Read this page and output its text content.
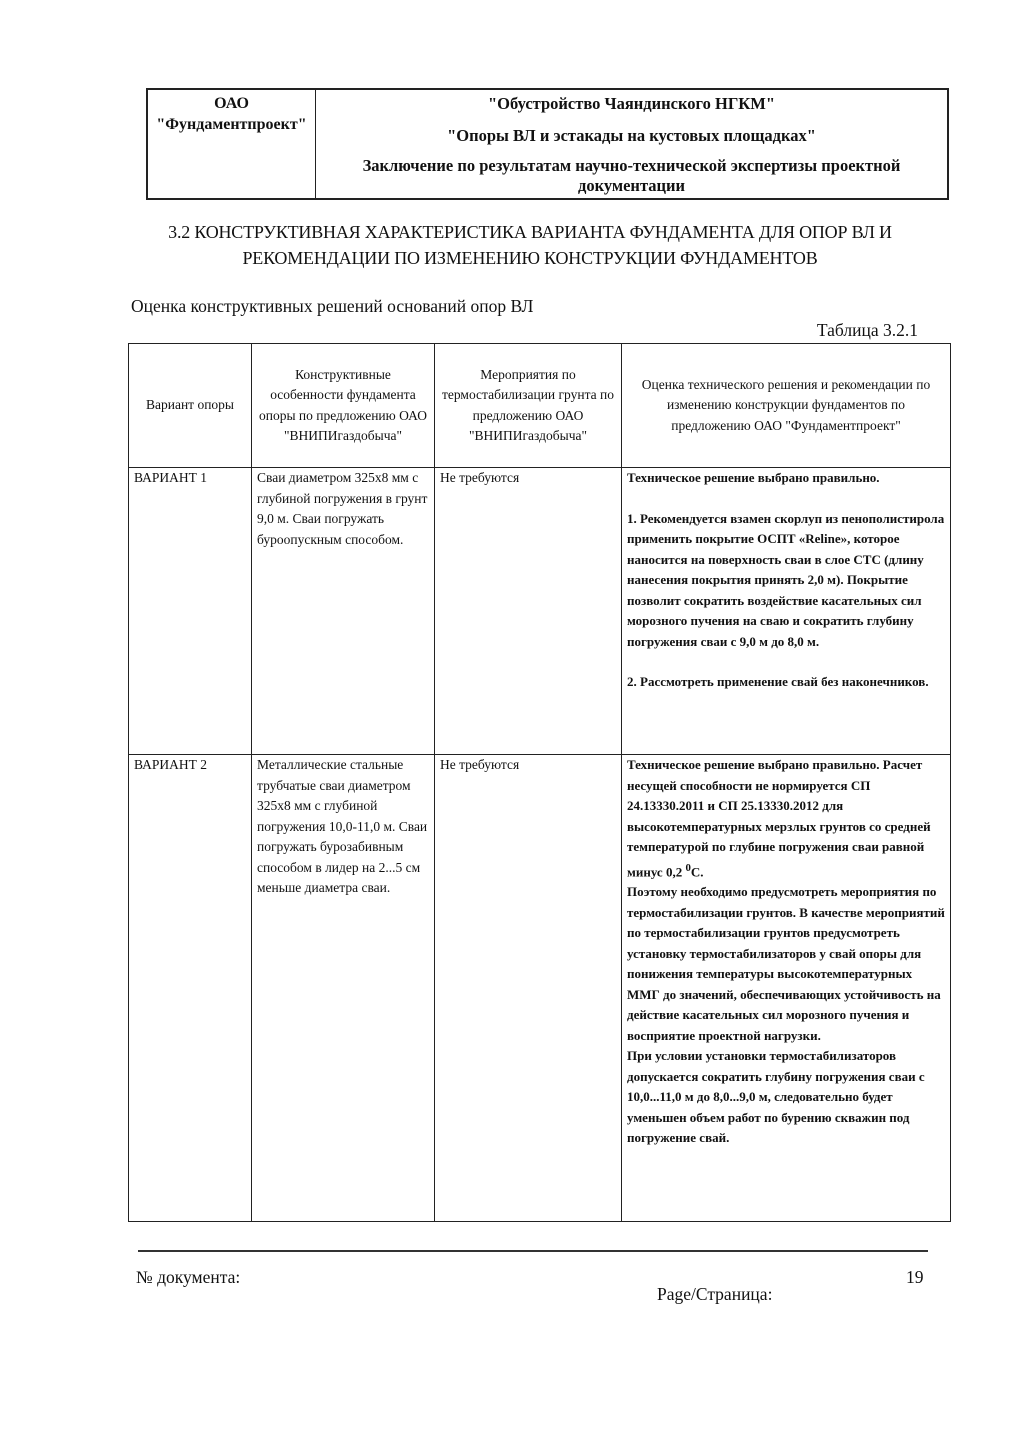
ОАО
"Фундаментпроект"
"Обустройство Чаяндинского НГКМ"
"Опоры ВЛ и эстакады на кустовых площадках"
Заключение по результатам научно-технической экспертизы проектной документации
3.2 КОНСТРУКТИВНАЯ ХАРАКТЕРИСТИКА ВАРИАНТА ФУНДАМЕНТА ДЛЯ ОПОР ВЛ И
РЕКОМЕНДАЦИИ ПО ИЗМЕНЕНИЮ КОНСТРУКЦИИ ФУНДАМЕНТОВ
Оценка конструктивных решений оснований опор ВЛ
Таблица 3.2.1
Вариант опоры	Конструктивные особенности фундамента опоры по предложению ОАО "ВНИПИгаздобыча"	Мероприятия по термостабилизации грунта по предложению ОАО "ВНИПИгаздобыча"	Оценка технического решения и рекомендации по изменению конструкции фундаментов по предложению ОАО "Фундаментпроект"
ВАРИАНТ 1	Сваи диаметром 325х8 мм с глубиной погружения в грунт 9,0 м. Сваи погружать буроопускным способом.	Не требуются	Техническое решение выбрано правильно.

1. Рекомендуется взамен скорлуп из пенополистирола применить покрытие ОСПТ «Reline», которое наносится на поверхность сваи в слое СТС (длину нанесения покрытия принять 2,0 м). Покрытие позволит сократить воздействие касательных сил морозного пучения на сваю и сократить глубину погружения сваи с 9,0 м до 8,0 м.

2. Рассмотреть применение свай без наконечников.

ВАРИАНТ 2	Металлические стальные трубчатые сваи диаметром 325х8 мм с глубиной погружения 10,0-11,0 м. Сваи погружать бурозабивным способом в лидер на 2...5 см меньше диаметра сваи.	Не требуются	Техническое решение выбрано правильно. Расчет несущей способности не нормируется СП 24.13330.2011 и СП 25.13330.2012 для высокотемпературных мерзлых грунтов со средней температурой по глубине погружения сваи равной минус 0,2 $^0$С.

Поэтому необходимо предусмотреть мероприятия по термостабилизации грунтов. В качестве мероприятий по термостабилизации грунтов предусмотреть установку термостабилизаторов у свай опоры для понижения температуры высокотемпературных ММГ до значений, обеспечивающих устойчивость на действие касательных сил морозного пучения и восприятие проектной нагрузки.

При условии установки термостабилизаторов допускается сократить глубину погружения сваи с 10,0...11,0 м до 8,0...9,0 м, следовательно будет уменьшен объем работ по бурению скважин под погружение свай.

№ документа:
Page/Страница:
19
